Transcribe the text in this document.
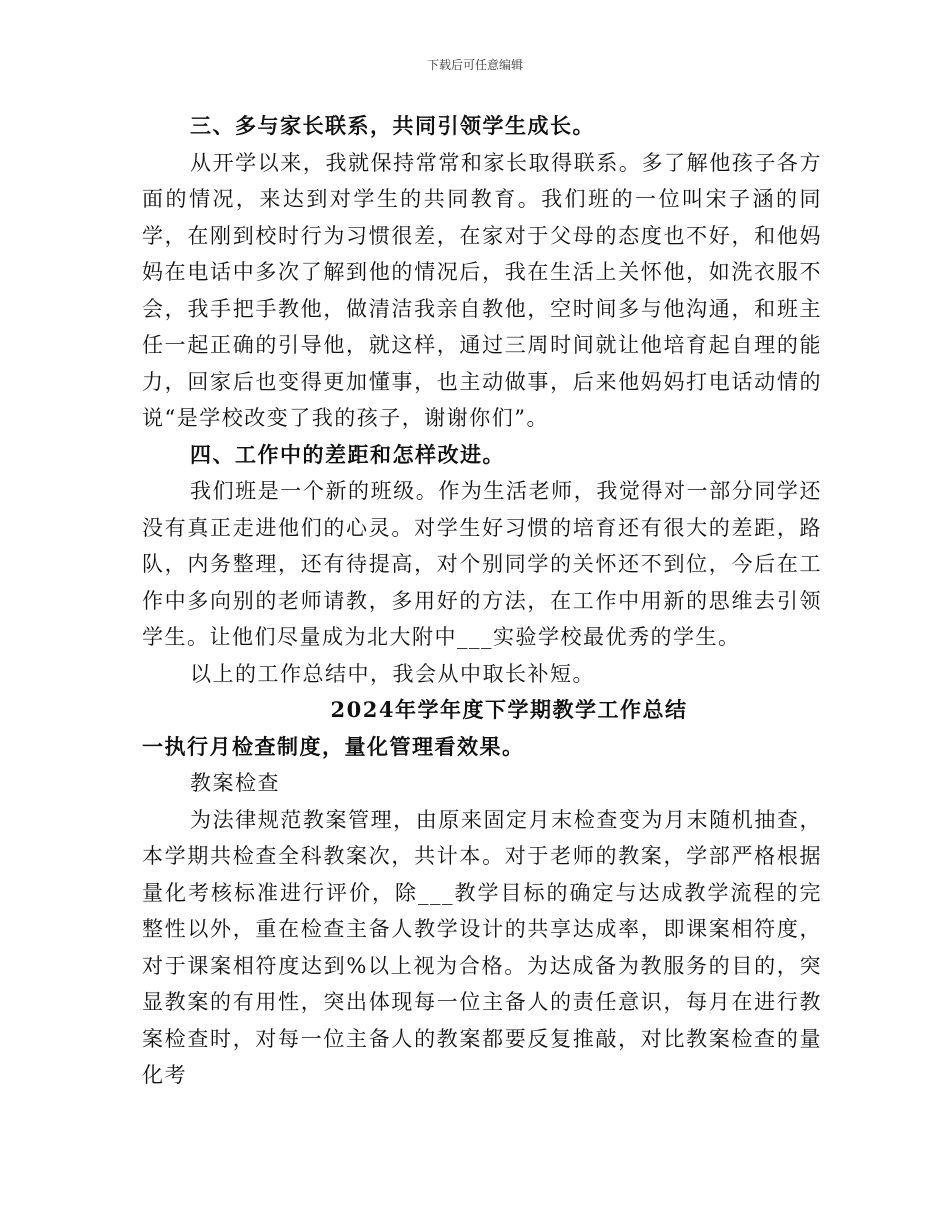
下载后可任意编辑

三、多与家长联系，共同引领学生成长。

从开学以来，我就保持常常和家长取得联系。多了解他孩子各方面的情况，来达到对学生的共同教育。我们班的一位叫宋子涵的同学，在刚到校时行为习惯很差，在家对于父母的态度也不好，和他妈妈在电话中多次了解到他的情况后，我在生活上关怀他，如洗衣服不会，我手把手教他，做清洁我亲自教他，空时间多与他沟通，和班主任一起正确的引导他，就这样，通过三周时间就让他培育起自理的能力，回家后也变得更加懂事，也主动做事，后来他妈妈打电话动情的说“是学校改变了我的孩子，谢谢你们”。

四、工作中的差距和怎样改进。

我们班是一个新的班级。作为生活老师，我觉得对一部分同学还没有真正走进他们的心灵。对学生好习惯的培育还有很大的差距，路队，内务整理，还有待提高，对个别同学的关怀还不到位，今后在工作中多向别的老师请教，多用好的方法，在工作中用新的思维去引领学生。让他们尽量成为北大附中___实验学校最优秀的学生。

以上的工作总结中，我会从中取长补短。

2024年学年度下学期教学工作总结

一执行月检查制度，量化管理看效果。

教案检查

为法律规范教案管理，由原来固定月末检查变为月末随机抽查，本学期共检查全科教案次，共计本。对于老师的教案，学部严格根据量化考核标准进行评价，除___教学目标的确定与达成教学流程的完整性以外，重在检查主备人教学设计的共享达成率，即课案相符度，对于课案相符度达到%以上视为合格。为达成备为教服务的目的，突显教案的有用性，突出体现每一位主备人的责任意识，每月在进行教案检查时，对每一位主备人的教案都要反复推敲，对比教案检查的量化考
